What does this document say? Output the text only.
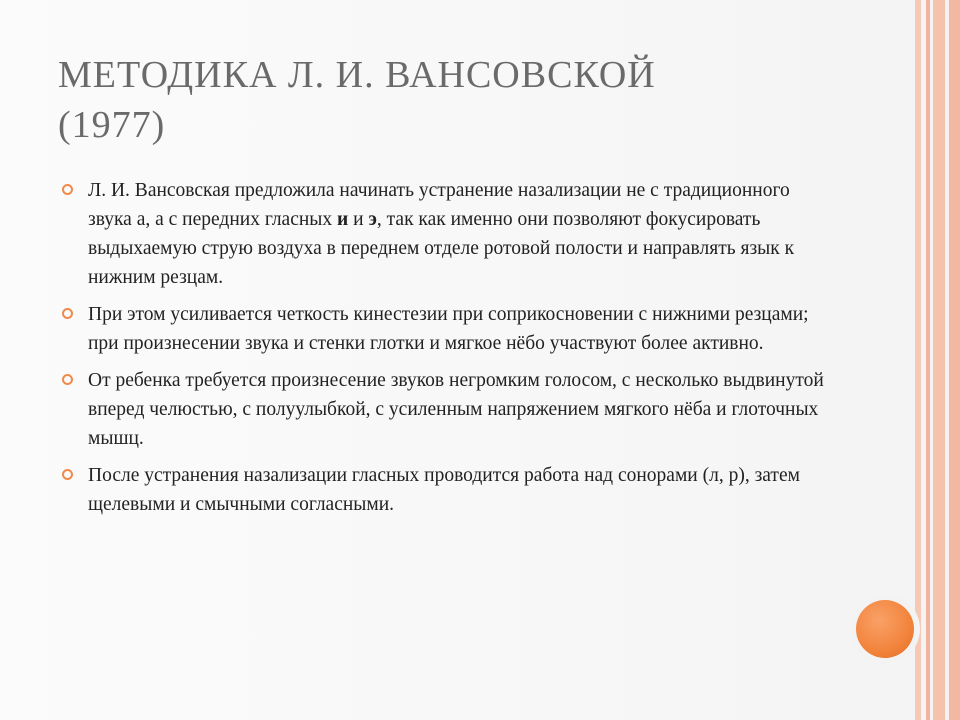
МЕТОДИКА Л. И. ВАНСОВСКОЙ
(1977)
Л. И. Вансовская предложила начинать устранение назализации не с традиционного звука а, а с передних гласных и и э, так как именно они позволяют фокусировать выдыхаемую струю воздуха в переднем отделе ротовой полости и направлять язык к нижним резцам.
При этом усиливается четкость кинестезии при соприкосновении с нижними резцами; при произнесении звука и стенки глотки и мягкое нёбо участвуют более активно.
От ребенка требуется произнесение звуков негромким голосом, с несколько выдвинутой вперед челюстью, с полуулыбкой, с усиленным напряжением мягкого нёба и глоточных мышц.
После устранения назализации гласных проводится работа над сонорами (л, р), затем щелевыми и смычными согласными.
